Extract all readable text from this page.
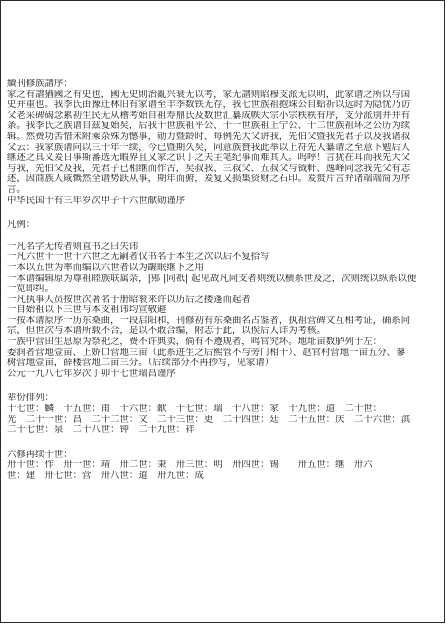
續刊修族譜序：
家之有譜猶國之有史也，國无史則治亂兴衰无以考，家无譜则昭穆支派无以明，此家谱之所以与国
史并重也。我李氏由豫迁林旧有家谱至丰季数铁无存，我七世族祖抱珠公自蛤祈以远时为隐忧乃访
父老采碑碣念累初生民无从稽考始自祖寿鼎氏及数世汇纂成帙大宗小宗秩秩有序，支分派別井井有
条。我李氏之族谱自兹复始矣，后我十世族祖平公、十一世族祖上宁公、十二世族祖环之公历为续
辑。然费功苦惜未附乘杂殊为憾事，勋力暨龄时、每例先大父讲我，先伯父暨我先君子以及我诸叔
父云：我家族谱向以三十年一续，今已暨期久矣，同意族贊我此举以上符先人纂谱之至意下勉后人
继述之具义爰日事斯蕃选无暇界且又家之识丁之夫主笔纪事而难其人。呜呼！言犹在耳而我先大父
与我，先伯父及我，先君子已相继而作古，矣叔我、三叔父、五叔父与钺軒、逸峰同念我先父有志
述，因商族人咸慨然全谱势跃从事，期年而俯，爰复又损集资财之石印。爰赘片言弁诸端端简为序
言。
中华民国十有三年岁次甲子十六世献勋谨序
凡例：
一凡名字无传者则直书之曰失讳
一凡六世十一世十六世之无嗣者仅书名于本生之次以后不复拾写
一本以五世为率而编以六世者以为龌眠继下之用
一本谱编辑原为尊祖睦族联属亲，|鄍 |同祇| 起见故凡同支者则统以横系世及之，次则统以纵系以便
一览即纠。
一凡执事人员按世次著名于册昭衮来许以历后之搂蓬而起者
一自始祖以下三世与本支祖讳均宣敬避
一按本谱原序一历东桑曲，一段启阳和，刊修初有东桑曲名占鉴者，执祖营碑文互相考证，确系同
宗，但世次与本谱所载不合，是以不敢合编，附志于此，以俟后人详为考核。
一族中营田生息原为祭祀之，费不许典卖，倘有不遵规者，鸣官究坏。地址亩数胪列于左：
委润者营地壹亩、上娇口营地三亩（此系进生之后熙管不与旁门相干）、赵官村营地一亩五分、蓼
树营地壹亩，薛楼营地二亩三分。（后续部分不再抄写，见家谱）
公元一九八七年岁次丁卯十七世瑞昌谨序
辈份排列：
十七世：麟　十五世：甫　十六世：献　十七世：瑞　十八世：家　十九世：道　二十世：
光　二十一世：昌　二十二世：文　二十三世：更　二十四世：廷　二十五世：庆　二十六世：淇
二十七世：泉　二十八世：钟　二十九世：祥
六修再续十世：
卅十世：作　卅一世：靖　卅二世：秉　卅三世：明　卅四世：锡　　卅五世：继　卅六
世：建　卅七世：营　卅八世：道　卅九世：成
